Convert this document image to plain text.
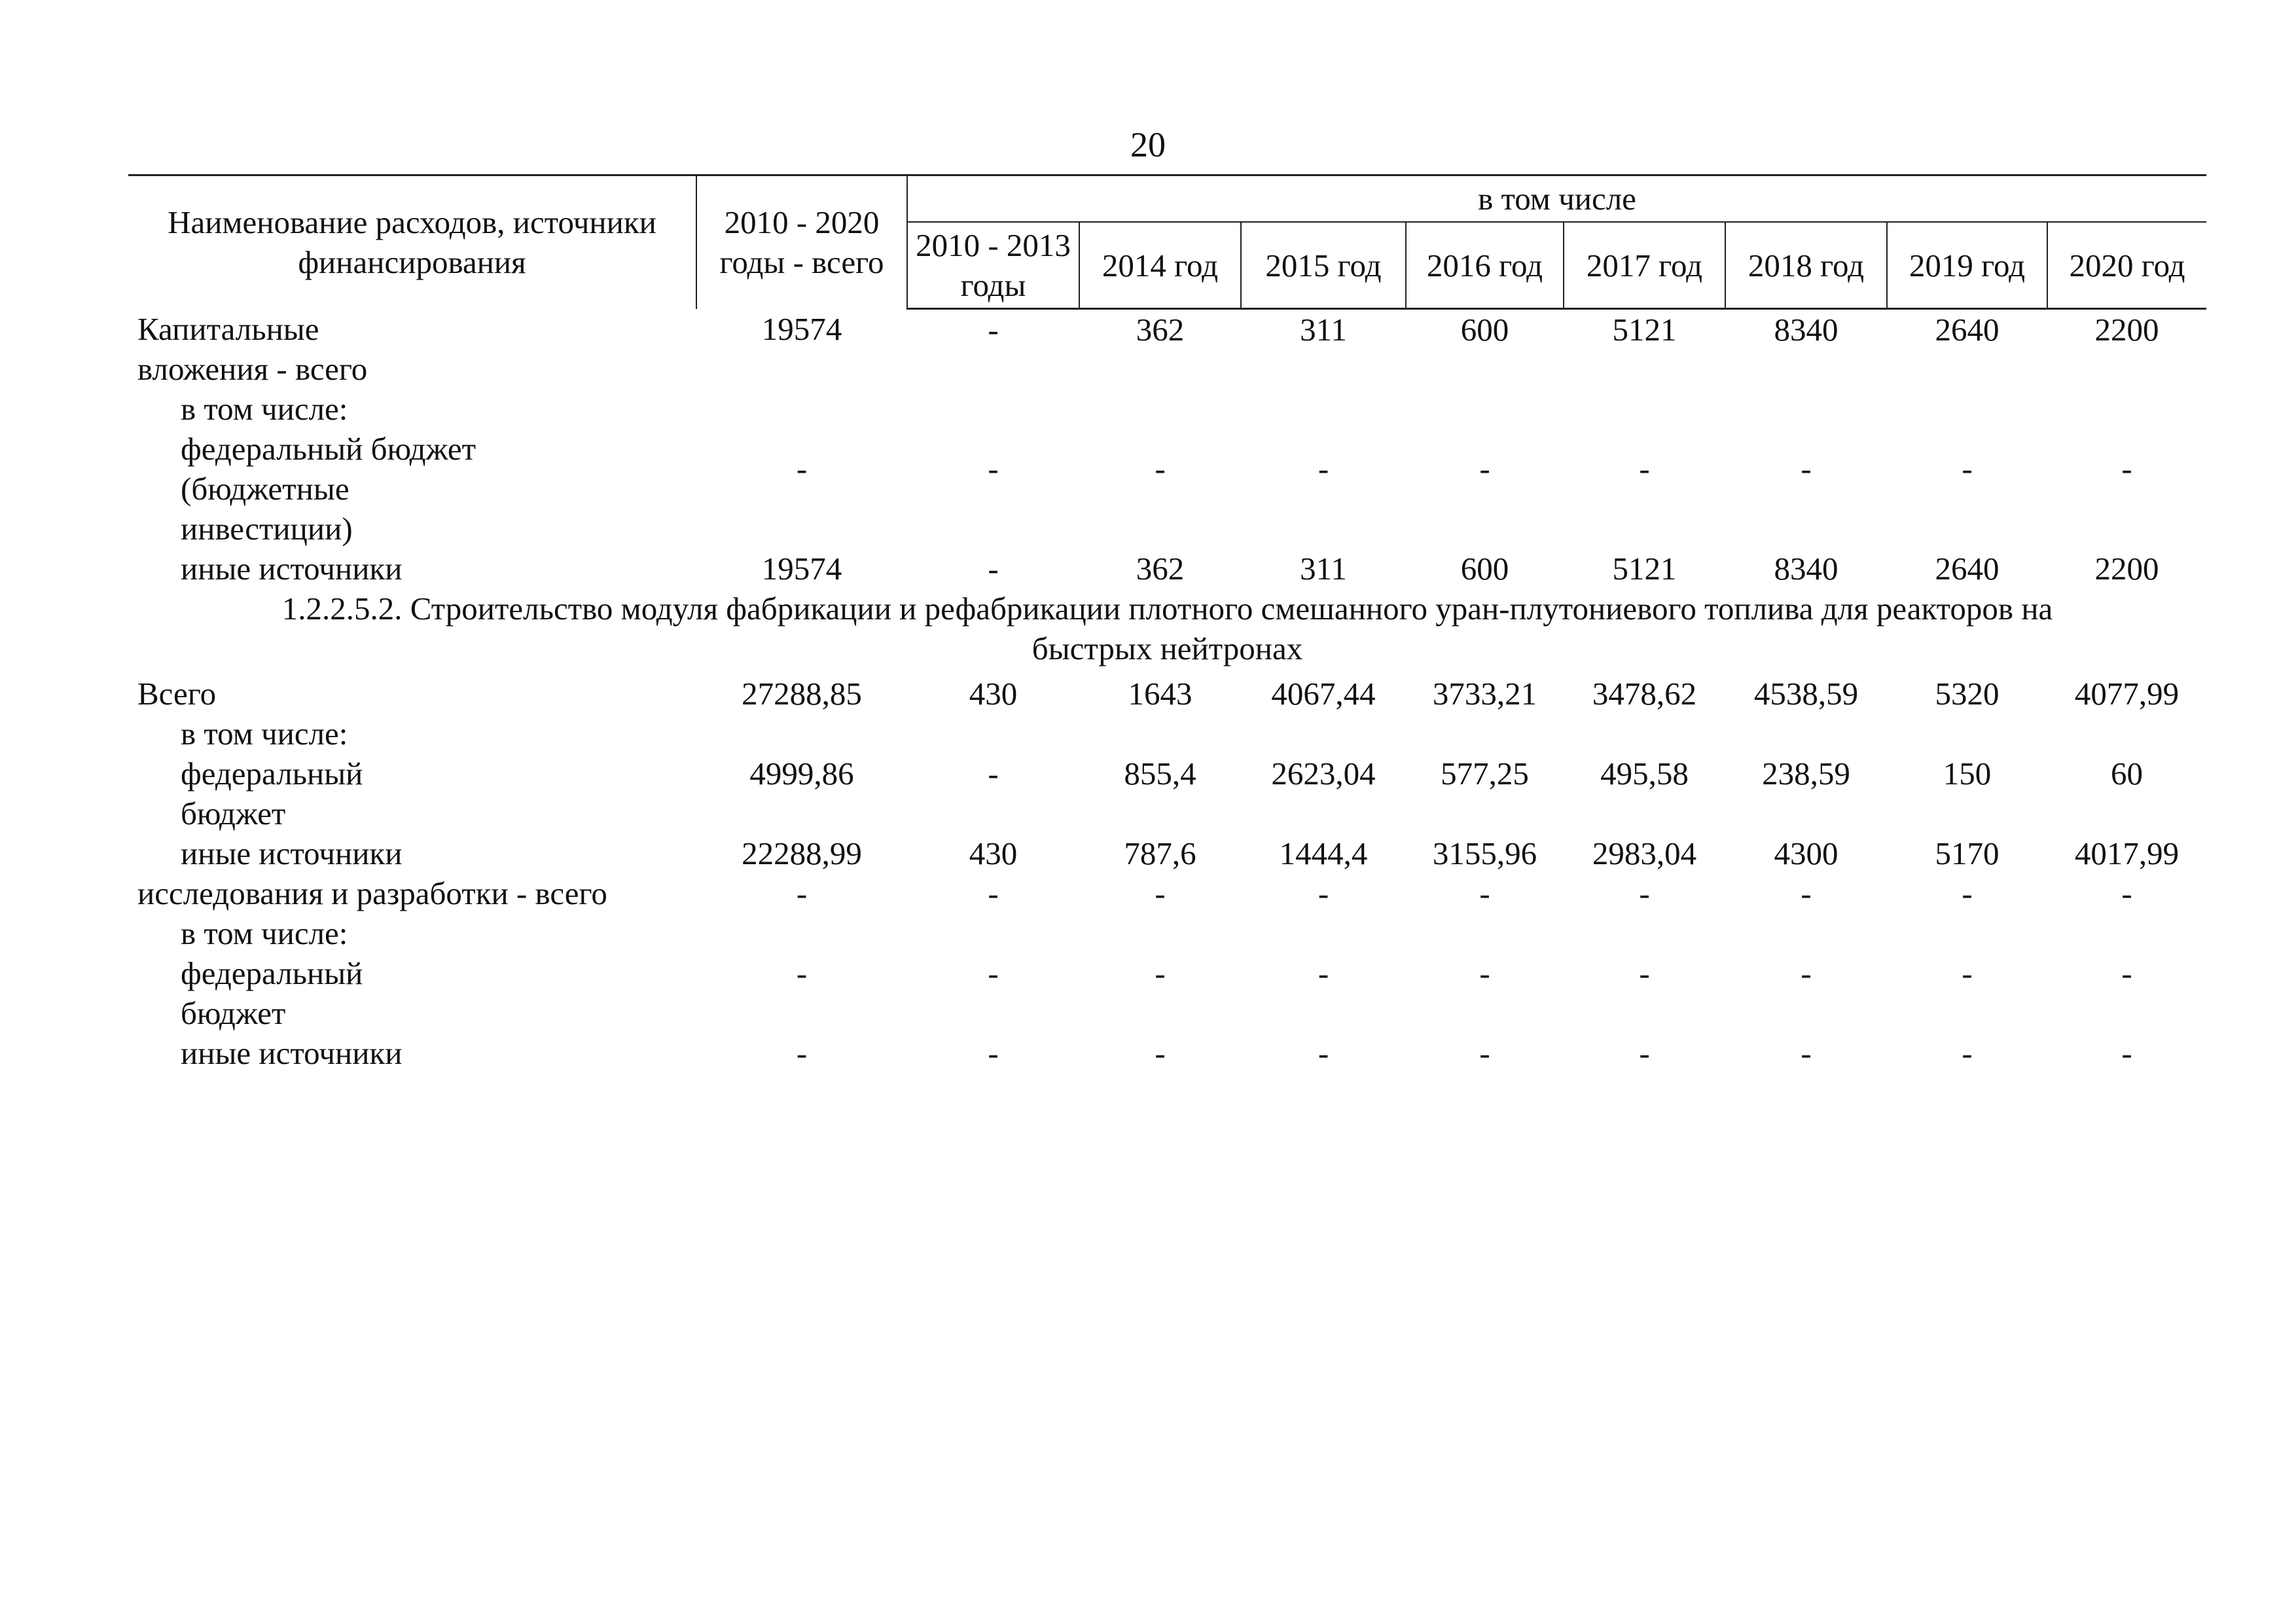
20
Наименование расходов, источники финансирования	2010 - 2020 годы - всего	в том числе							
		2010 - 2013 годы	2014 год	2015 год	2016 год	2017 год	2018 год	2019 год	2020 год
Капитальные вложения - всего	19574	-	362	311	600	5121	8340	2640	2200
в том числе: федеральный бюджет (бюджетные инвестиции)	-	-	-	-	-	-	-	-	-
иные источники	19574	-	362	311	600	5121	8340	2640	2200
1.2.2.5.2. Строительство модуля фабрикации и рефабрикации плотного смешанного уран-плутониевого топлива для реакторов на быстрых нейтронах									
Всего	27288,85	430	1643	4067,44	3733,21	3478,62	4538,59	5320	4077,99
в том числе: федеральный бюджет	4999,86	-	855,4	2623,04	577,25	495,58	238,59	150	60
иные источники	22288,99	430	787,6	1444,4	3155,96	2983,04	4300	5170	4017,99
исследования и разработки - всего	-	-	-	-	-	-	-	-	-
в том числе: федеральный бюджет	-	-	-	-	-	-	-	-	-
иные источники	-	-	-	-	-	-	-	-	-
